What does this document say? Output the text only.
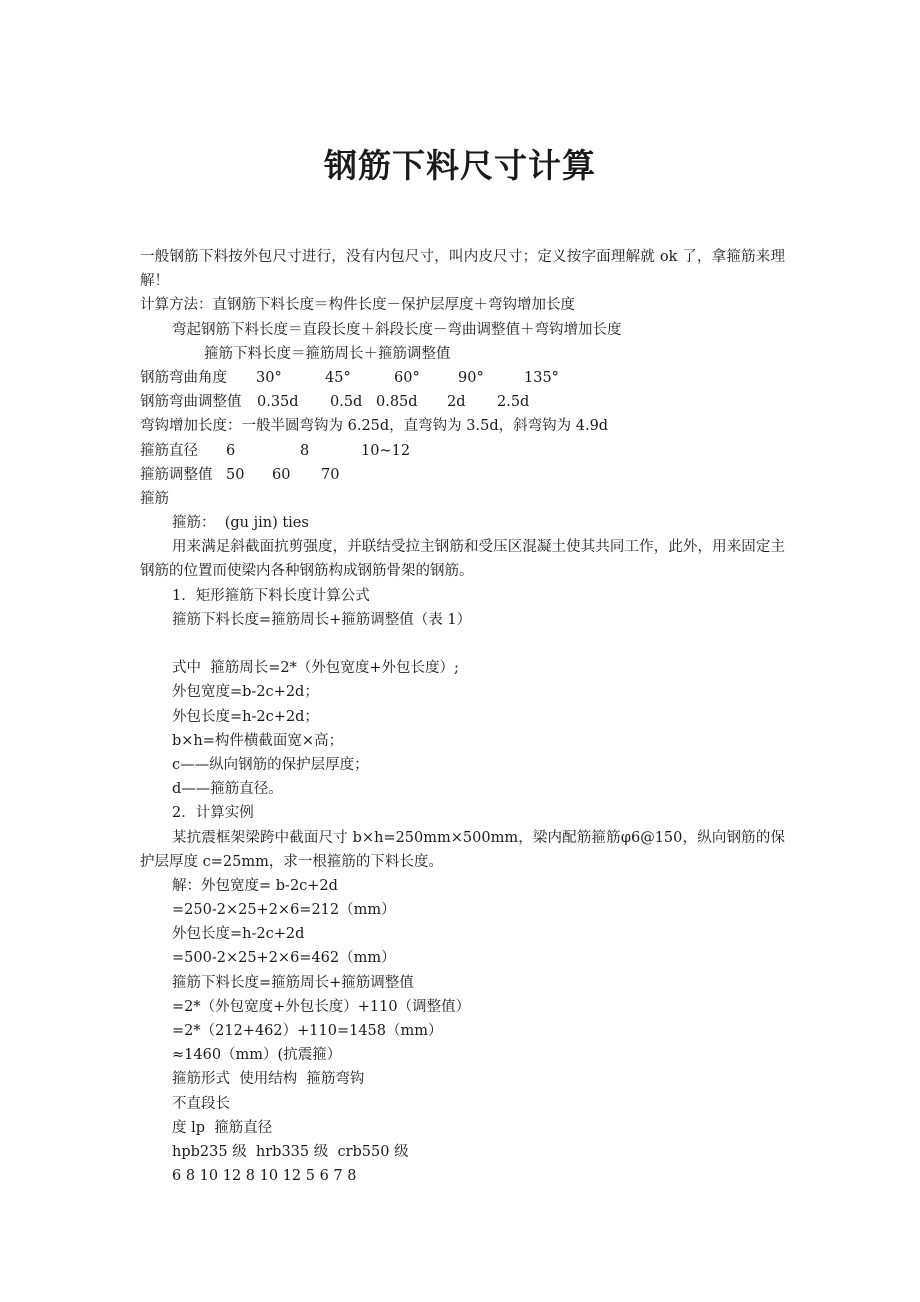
钢筋下料尺寸计算
一般钢筋下料按外包尺寸进行，没有内包尺寸，叫内皮尺寸；定义按字面理解就 ok 了，拿箍筋来理解！
计算方法：直钢筋下料长度＝构件长度－保护层厚度＋弯钩增加长度
弯起钢筋下料长度＝直段长度＋斜段长度－弯曲调整值＋弯钩增加长度
箍筋下料长度＝箍筋周长＋箍筋调整值
钢筋弯曲角度	30°	45°	60°	90°	135°
钢筋弯曲调整值	0.35d	0.5d 0.85d	2d	2.5d
弯钩增加长度：一般半圆弯钩为 6.25d，直弯钩为 3.5d，斜弯钩为 4.9d
箍筋直径	6	8	10~12
箍筋调整值 50	60	70
箍筋
箍筋：  (gu jin) ties
用来满足斜截面抗剪强度，并联结受拉主钢筋和受压区混凝土使其共同工作，此外，用来固定主钢筋的位置而使梁内各种钢筋构成钢筋骨架的钢筋。
1．矩形箍筋下料长度计算公式
箍筋下料长度=箍筋周长+箍筋调整值（表 1）
式中  箍筋周长=2*（外包宽度+外包长度）;
外包宽度=b-2c+2d；
外包长度=h-2c+2d；
b×h=构件横截面宽×高；
c——纵向钢筋的保护层厚度；
d——箍筋直径。
2．计算实例
某抗震框架梁跨中截面尺寸 b×h=250mm×500mm，梁内配筋箍筋φ6@150，纵向钢筋的保护层厚度 c=25mm，求一根箍筋的下料长度。
解：外包宽度= b-2c+2d
=250-2×25+2×6=212（mm）
外包长度=h-2c+2d
=500-2×25+2×6=462（mm）
箍筋下料长度=箍筋周长+箍筋调整值
=2*（外包宽度+外包长度）+110（调整值）
=2*（212+462）+110=1458（mm）
≈1460（mm）(抗震箍）
箍筋形式  使用结构  箍筋弯钩
不直段长
度 lp  箍筋直径
hpb235 级  hrb335 级  crb550 级
6 8 10 12 8 10 12 5 6 7 8
